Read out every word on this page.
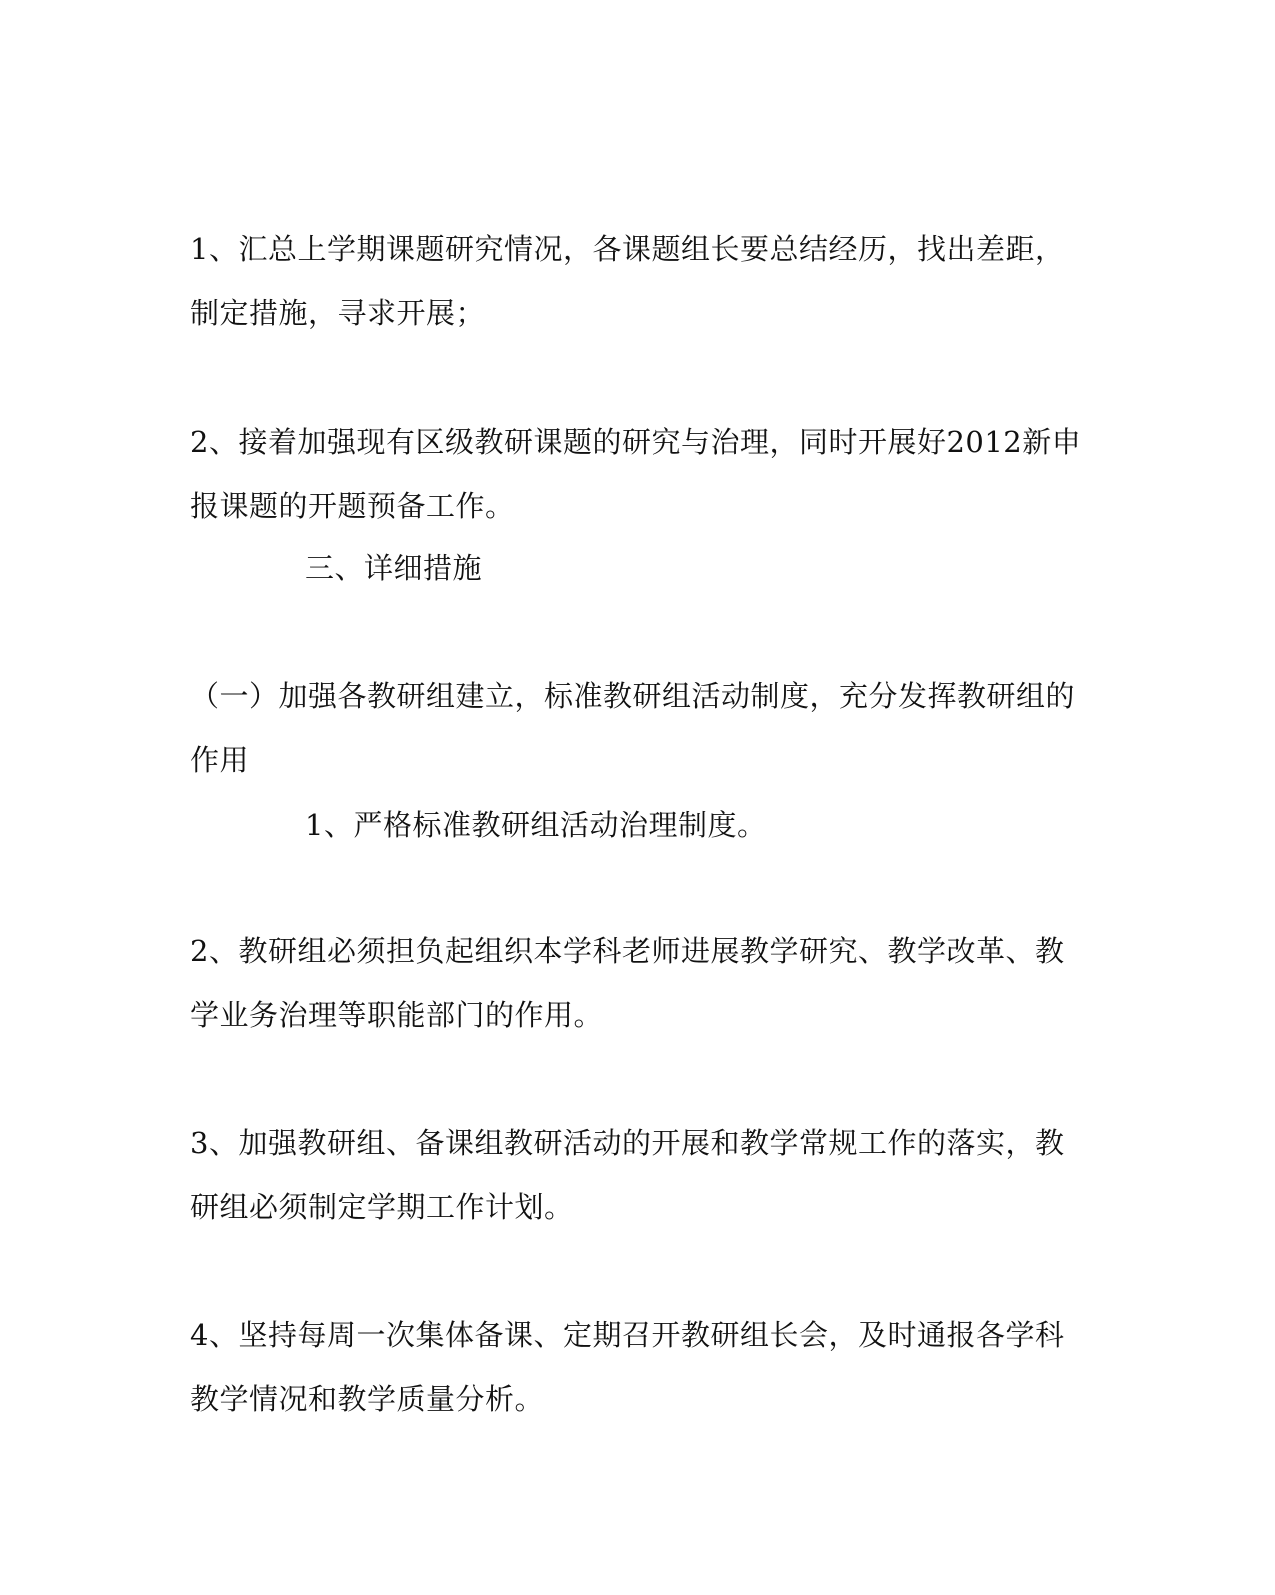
1、汇总上学期课题研究情况，各课题组长要总结经历，找出差距，
制定措施，寻求开展；
2、接着加强现有区级教研课题的研究与治理，同时开展好2012新申
报课题的开题预备工作。
三、详细措施
（一）加强各教研组建立，标准教研组活动制度，充分发挥教研组的
作用
1、严格标准教研组活动治理制度。
2、教研组必须担负起组织本学科老师进展教学研究、教学改革、教
学业务治理等职能部门的作用。
3、加强教研组、备课组教研活动的开展和教学常规工作的落实，教
研组必须制定学期工作计划。
4、坚持每周一次集体备课、定期召开教研组长会，及时通报各学科
教学情况和教学质量分析。
